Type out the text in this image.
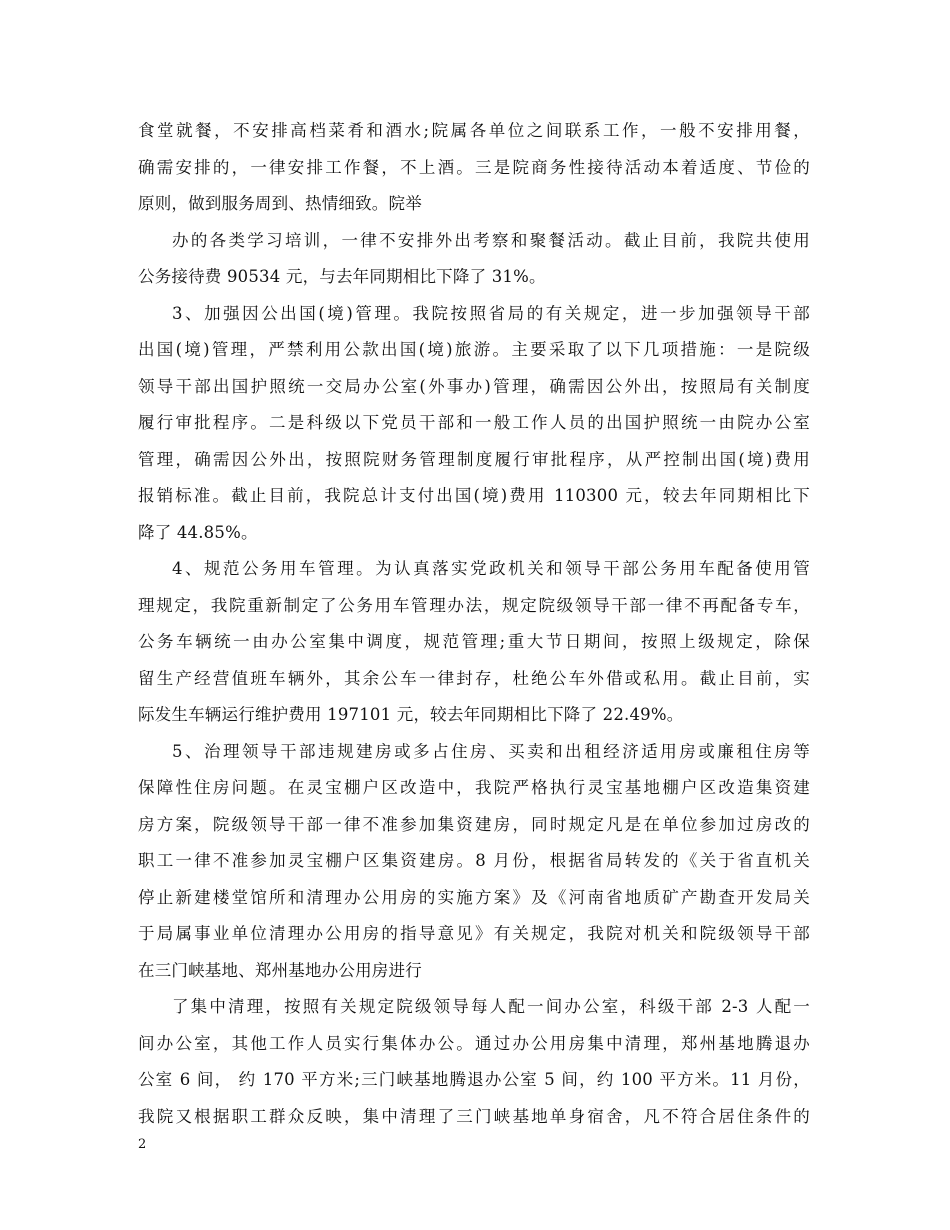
食堂就餐，不安排高档菜肴和酒水;院属各单位之间联系工作，一般不安排用餐，
确需安排的，一律安排工作餐，不上酒。三是院商务性接待活动本着适度、节俭的
原则，做到服务周到、热情细致。院举
办的各类学习培训，一律不安排外出考察和聚餐活动。截止目前，我院共使用
公务接待费 90534 元，与去年同期相比下降了 31%。
3、加强因公出国(境)管理。我院按照省局的有关规定，进一步加强领导干部
出国(境)管理，严禁利用公款出国(境)旅游。主要采取了以下几项措施：一是院级
领导干部出国护照统一交局办公室(外事办)管理，确需因公外出，按照局有关制度
履行审批程序。二是科级以下党员干部和一般工作人员的出国护照统一由院办公室
管理，确需因公外出，按照院财务管理制度履行审批程序，从严控制出国(境)费用
报销标准。截止目前，我院总计支付出国(境)费用 110300 元，较去年同期相比下
降了 44.85%。
4、规范公务用车管理。为认真落实党政机关和领导干部公务用车配备使用管
理规定，我院重新制定了公务用车管理办法，规定院级领导干部一律不再配备专车，
公务车辆统一由办公室集中调度，规范管理;重大节日期间，按照上级规定，除保
留生产经营值班车辆外，其余公车一律封存，杜绝公车外借或私用。截止目前，实
际发生车辆运行维护费用 197101 元，较去年同期相比下降了 22.49%。
5、治理领导干部违规建房或多占住房、买卖和出租经济适用房或廉租住房等
保障性住房问题。在灵宝棚户区改造中，我院严格执行灵宝基地棚户区改造集资建
房方案，院级领导干部一律不准参加集资建房，同时规定凡是在单位参加过房改的
职工一律不准参加灵宝棚户区集资建房。8 月份，根据省局转发的《关于省直机关
停止新建楼堂馆所和清理办公用房的实施方案》及《河南省地质矿产勘查开发局关
于局属事业单位清理办公用房的指导意见》有关规定，我院对机关和院级领导干部
在三门峡基地、郑州基地办公用房进行
了集中清理，按照有关规定院级领导每人配一间办公室，科级干部 2-3 人配一
间办公室，其他工作人员实行集体办公。通过办公用房集中清理，郑州基地腾退办
公室 6 间， 约 170 平方米;三门峡基地腾退办公室 5 间，约 100 平方米。11 月份，
我院又根据职工群众反映，集中清理了三门峡基地单身宿舍，凡不符合居住条件的
2
